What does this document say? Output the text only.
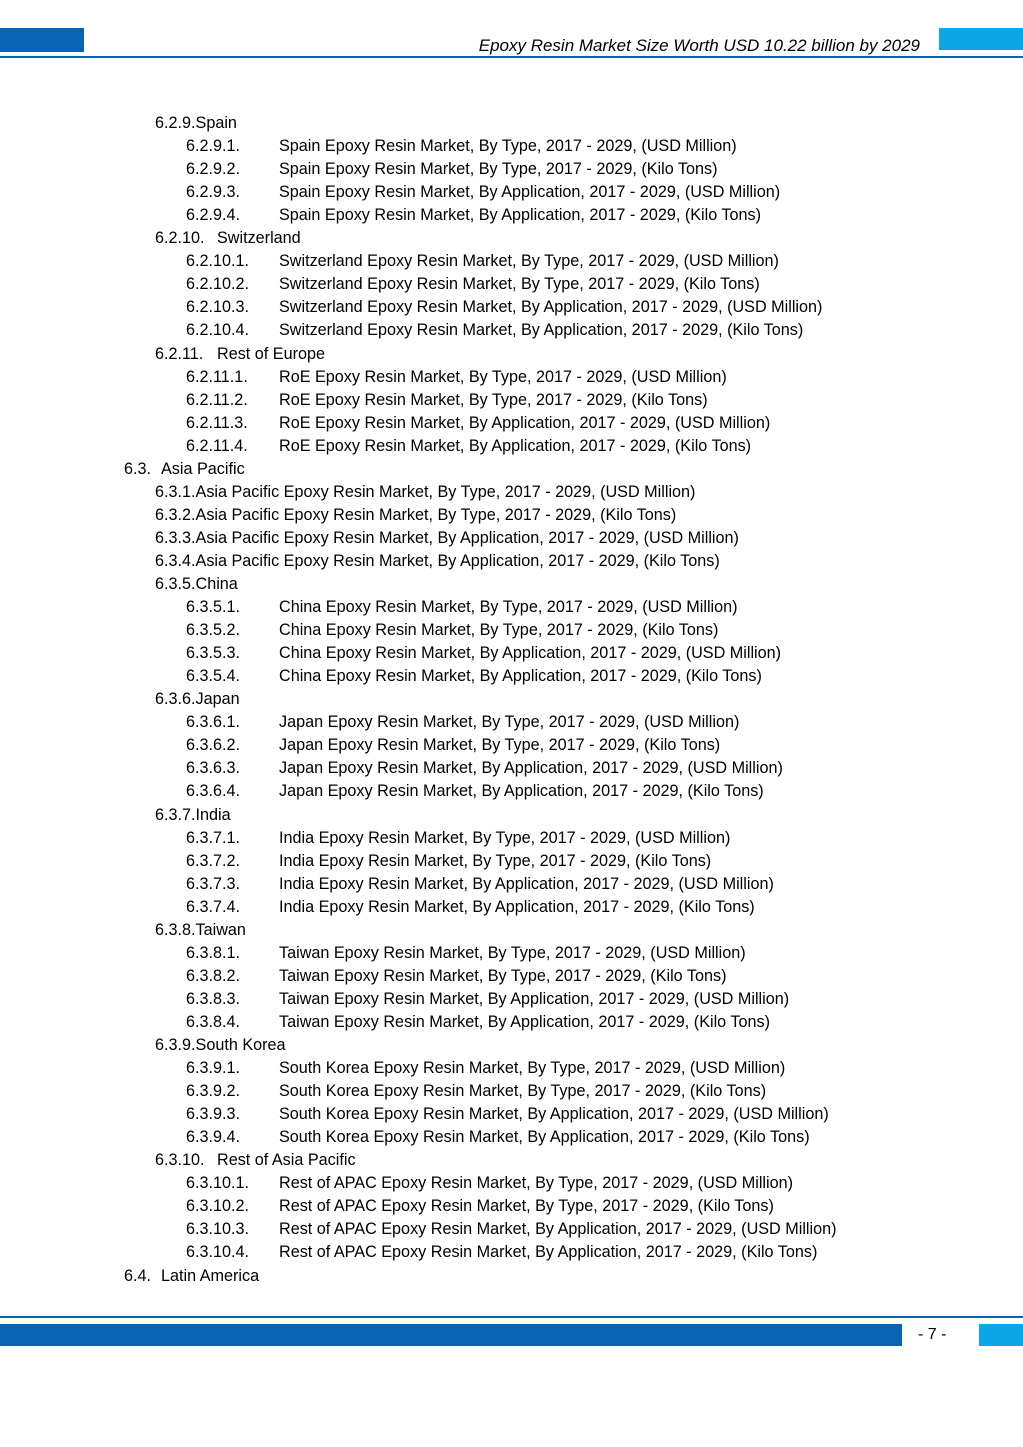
Epoxy Resin Market Size Worth USD 10.22 billion by 2029
6.2.9.Spain
6.2.9.1. Spain Epoxy Resin Market, By Type, 2017 - 2029, (USD Million)
6.2.9.2. Spain Epoxy Resin Market, By Type, 2017 - 2029, (Kilo Tons)
6.2.9.3. Spain Epoxy Resin Market, By Application, 2017 - 2029, (USD Million)
6.2.9.4. Spain Epoxy Resin Market, By Application, 2017 - 2029, (Kilo Tons)
6.2.10. Switzerland
6.2.10.1. Switzerland Epoxy Resin Market, By Type, 2017 - 2029, (USD Million)
6.2.10.2. Switzerland Epoxy Resin Market, By Type, 2017 - 2029, (Kilo Tons)
6.2.10.3. Switzerland Epoxy Resin Market, By Application, 2017 - 2029, (USD Million)
6.2.10.4. Switzerland Epoxy Resin Market, By Application, 2017 - 2029, (Kilo Tons)
6.2.11. Rest of Europe
6.2.11.1. RoE Epoxy Resin Market, By Type, 2017 - 2029, (USD Million)
6.2.11.2. RoE Epoxy Resin Market, By Type, 2017 - 2029, (Kilo Tons)
6.2.11.3. RoE Epoxy Resin Market, By Application, 2017 - 2029, (USD Million)
6.2.11.4. RoE Epoxy Resin Market, By Application, 2017 - 2029, (Kilo Tons)
6.3. Asia Pacific
6.3.1.Asia Pacific Epoxy Resin Market, By Type, 2017 - 2029, (USD Million)
6.3.2.Asia Pacific Epoxy Resin Market, By Type, 2017 - 2029, (Kilo Tons)
6.3.3.Asia Pacific Epoxy Resin Market, By Application, 2017 - 2029, (USD Million)
6.3.4.Asia Pacific Epoxy Resin Market, By Application, 2017 - 2029, (Kilo Tons)
6.3.5.China
6.3.5.1. China Epoxy Resin Market, By Type, 2017 - 2029, (USD Million)
6.3.5.2. China Epoxy Resin Market, By Type, 2017 - 2029, (Kilo Tons)
6.3.5.3. China Epoxy Resin Market, By Application, 2017 - 2029, (USD Million)
6.3.5.4. China Epoxy Resin Market, By Application, 2017 - 2029, (Kilo Tons)
6.3.6.Japan
6.3.6.1. Japan Epoxy Resin Market, By Type, 2017 - 2029, (USD Million)
6.3.6.2. Japan Epoxy Resin Market, By Type, 2017 - 2029, (Kilo Tons)
6.3.6.3. Japan Epoxy Resin Market, By Application, 2017 - 2029, (USD Million)
6.3.6.4. Japan Epoxy Resin Market, By Application, 2017 - 2029, (Kilo Tons)
6.3.7.India
6.3.7.1. India Epoxy Resin Market, By Type, 2017 - 2029, (USD Million)
6.3.7.2. India Epoxy Resin Market, By Type, 2017 - 2029, (Kilo Tons)
6.3.7.3. India Epoxy Resin Market, By Application, 2017 - 2029, (USD Million)
6.3.7.4. India Epoxy Resin Market, By Application, 2017 - 2029, (Kilo Tons)
6.3.8.Taiwan
6.3.8.1. Taiwan Epoxy Resin Market, By Type, 2017 - 2029, (USD Million)
6.3.8.2. Taiwan Epoxy Resin Market, By Type, 2017 - 2029, (Kilo Tons)
6.3.8.3. Taiwan Epoxy Resin Market, By Application, 2017 - 2029, (USD Million)
6.3.8.4. Taiwan Epoxy Resin Market, By Application, 2017 - 2029, (Kilo Tons)
6.3.9.South Korea
6.3.9.1. South Korea Epoxy Resin Market, By Type, 2017 - 2029, (USD Million)
6.3.9.2. South Korea Epoxy Resin Market, By Type, 2017 - 2029, (Kilo Tons)
6.3.9.3. South Korea Epoxy Resin Market, By Application, 2017 - 2029, (USD Million)
6.3.9.4. South Korea Epoxy Resin Market, By Application, 2017 - 2029, (Kilo Tons)
6.3.10. Rest of Asia Pacific
6.3.10.1. Rest of APAC Epoxy Resin Market, By Type, 2017 - 2029, (USD Million)
6.3.10.2. Rest of APAC Epoxy Resin Market, By Type, 2017 - 2029, (Kilo Tons)
6.3.10.3. Rest of APAC Epoxy Resin Market, By Application, 2017 - 2029, (USD Million)
6.3.10.4. Rest of APAC Epoxy Resin Market, By Application, 2017 - 2029, (Kilo Tons)
6.4. Latin America
- 7 -
